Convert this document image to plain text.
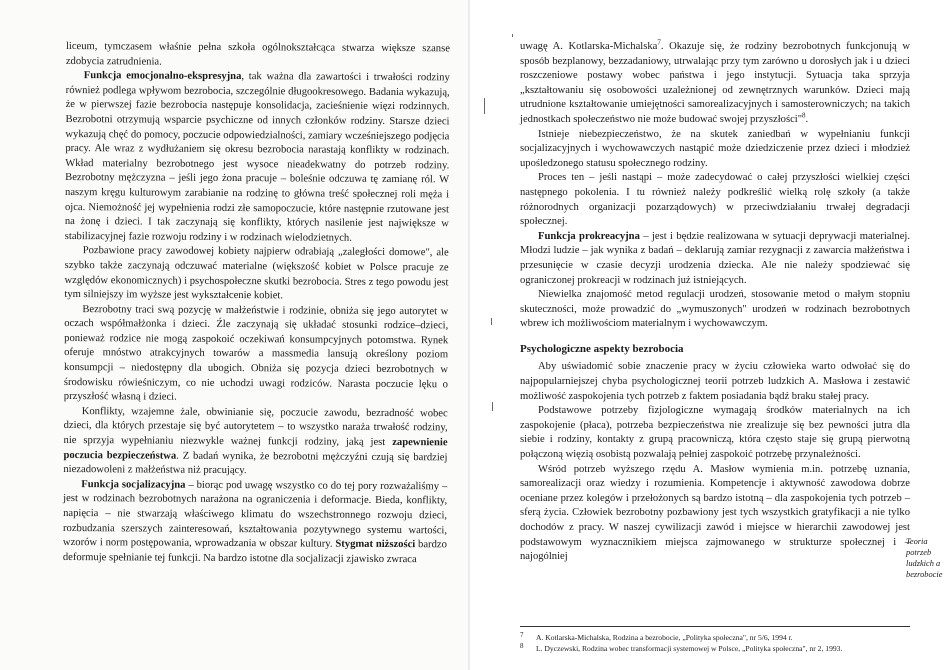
liceum, tymczasem właśnie pełna szkoła ogólnokształcąca stwarza większe szanse zdobycia zatrudnienia.

Funkcja emocjonalno-ekspresyjna, tak ważna dla zawartości i trwałości rodziny również podlega wpływom bezrobocia, szczególnie długookresowego. Badania wykazują, że w pierwszej fazie bezrobocia następuje konsolidacja, zacieśnienie więzi rodzinnych. Bezrobotni otrzymują wsparcie psychiczne od innych członków rodziny. Starsze dzieci wykazują chęć do pomocy, poczucie odpowiedzialności, zamiary wcześniejszego podjęcia pracy. Ale wraz z wydłużaniem się okresu bezrobocia narastają konflikty w rodzinach. Wkład materialny bezrobotnego jest wysoce nieadekwatny do potrzeb rodziny. Bezrobotny mężczyzna – jeśli jego żona pracuje – boleśnie odczuwa tę zamianę ról. W naszym kręgu kulturowym zarabianie na rodzinę to główna treść społecznej roli męża i ojca. Niemożność jej wypełnienia rodzi złe samopoczucie, które następnie rzutowane jest na żonę i dzieci. I tak zaczynają się konflikty, których nasilenie jest największe w stabilizacyjnej fazie rozwoju rodziny i w rodzinach wielodzietnych.

Pozbawione pracy zawodowej kobiety najpierw odrabiają „zaległości domowe", ale szybko także zaczynają odczuwać materialne (większość kobiet w Polsce pracuje ze względów ekonomicznych) i psychospołeczne skutki bezrobocia. Stres z tego powodu jest tym silniejszy im wyższe jest wykształcenie kobiet.

Bezrobotny traci swą pozycję w małżeństwie i rodzinie, obniża się jego autorytet w oczach współmałżonka i dzieci. Źle zaczynają się układać stosunki rodzice–dzieci, ponieważ rodzice nie mogą zaspokoić oczekiwań konsumpcyjnych potomstwa. Rynek oferuje mnóstwo atrakcyjnych towarów a massmedia lansują określony poziom konsumpcji – niedostępny dla ubogich. Obniża się pozycja dzieci bezrobotnych w środowisku rówieśniczym, co nie uchodzi uwagi rodziców. Narasta poczucie lęku o przyszłość własną i dzieci.

Konflikty, wzajemne żale, obwinianie się, poczucie zawodu, bezradność wobec dzieci, dla których przestaje się być autorytetem – to wszystko naraża trwałość rodziny, nie sprzyja wypełnianiu niezwykle ważnej funkcji rodziny, jaką jest zapewnienie poczucia bezpieczeństwa. Z badań wynika, że bezrobotni mężczyźni czują się bardziej niezadowoleni z małżeństwa niż pracujący.

Funkcja socjalizacyjna – biorąc pod uwagę wszystko co do tej pory rozważaliśmy – jest w rodzinach bezrobotnych narażona na ograniczenia i deformacje. Bieda, konflikty, napięcia – nie stwarzają właściwego klimatu do wszechstronnego rozwoju dzieci, rozbudzania szerszych zainteresowań, kształtowania pozytywnego systemu wartości, wzorów i norm postępowania, wprowadzania w obszar kultury. Stygmat niższości bardzo deformuje spełnianie tej funkcji. Na bardzo istotne dla socjalizacji zjawisko zwraca

uwagę A. Kotlarska-Michalska$^7$. Okazuje się, że rodziny bezrobotnych funkcjonują w sposób bezplanowy, bezzadaniowy, utrwalając przy tym zarówno u dorosłych jak i u dzieci roszczeniowe postawy wobec państwa i jego instytucji. Sytuacja taka sprzyja „kształtowaniu się osobowości uzależnionej od zewnętrznych warunków. Dzieci mają utrudnione kształtowanie umiejętności samorealizacyjnych i samosterowniczych; na takich jednostkach społeczeństwo nie może budować swojej przyszłości"$^8$.

Istnieje niebezpieczeństwo, że na skutek zaniedbań w wypełnianiu funkcji socjalizacyjnych i wychowawczych nastąpić może dziedziczenie przez dzieci i młodzież upośledzonego statusu społecznego rodziny.

Proces ten – jeśli nastąpi – może zadecydować o całej przyszłości wielkiej części następnego pokolenia. I tu również należy podkreślić wielką rolę szkoły (a także różnorodnych organizacji pozarządowych) w przeciwdziałaniu trwałej degradacji społecznej.

Funkcja prokreacyjna – jest i będzie realizowana w sytuacji deprywacji materialnej. Młodzi ludzie – jak wynika z badań – deklarują zamiar rezygnacji z zawarcia małżeństwa i przesunięcie w czasie decyzji urodzenia dziecka. Ale nie należy spodziewać się ograniczonej prokreacji w rodzinach już istniejących.

Niewielka znajomość metod regulacji urodzeń, stosowanie metod o małym stopniu skuteczności, może prowadzić do „wymuszonych" urodzeń w rodzinach bezrobotnych wbrew ich możliwościom materialnym i wychowawczym.

Psychologiczne aspekty bezrobocia

Aby uświadomić sobie znaczenie pracy w życiu człowieka warto odwołać się do najpopularniejszej chyba psychologicznej teorii potrzeb ludzkich A. Masłowa i zestawić możliwość zaspokojenia tych potrzeb z faktem posiadania bądź braku stałej pracy.

Podstawowe potrzeby fizjologiczne wymagają środków materialnych na ich zaspokojenie (płaca), potrzeba bezpieczeństwa nie zrealizuje się bez pewności jutra dla siebie i rodziny, kontakty z grupą pracowniczą, która często staje się grupą pierwotną połączoną więzią osobistą pozwalają pełniej zaspokoić potrzebę przynależności.

Wśród potrzeb wyższego rzędu A. Masłow wymienia m.in. potrzebę uznania, samorealizacji oraz wiedzy i rozumienia. Kompetencje i aktywność zawodowa dobrze oceniane przez kolegów i przełożonych są bardzo istotną – dla zaspokojenia tych potrzeb – sferą życia. Człowiek bezrobotny pozbawiony jest tych wszystkich gratyfikacji a nie tylko dochodów z pracy. W naszej cywilizacji zawód i miejsce w hierarchii zawodowej jest podstawowym wyznacznikiem miejsca zajmowanego w strukturze społecznej i – najogólniej

Teoria potrzeb ludzkich a bezrobocie
7 A. Kotlarska-Michalska, Rodzina a bezrobocie, „Polityka społeczna", nr 5/6, 1994 r.
8 L. Dyczewski, Rodzina wobec transformacji systemowej w Polsce, „Polityka społeczna", nr 2, 1993.
